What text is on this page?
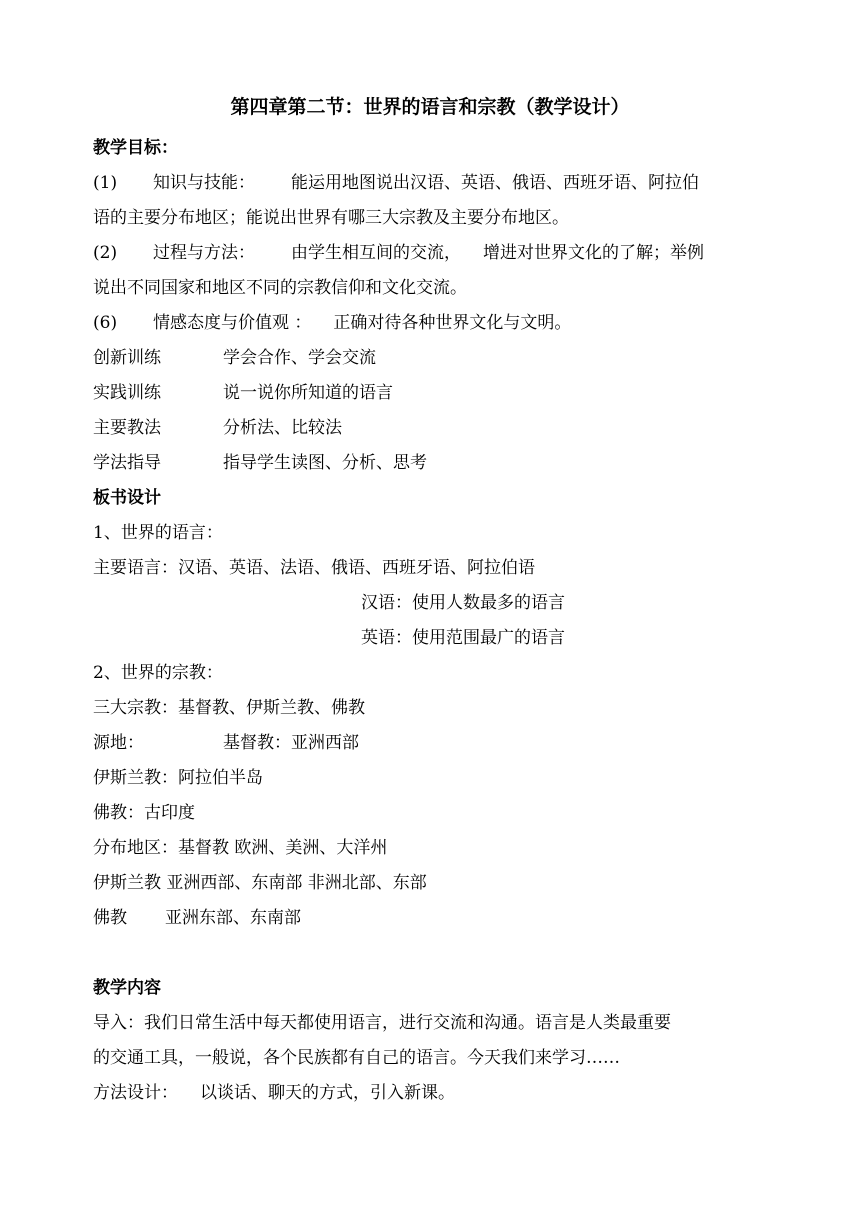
第四章第二节：世界的语言和宗教（教学设计）
教学目标：
(1) 知识与技能： 能运用地图说出汉语、英语、俄语、西班牙语、阿拉伯
语的主要分布地区；能说出世界有哪三大宗教及主要分布地区。
(2) 过程与方法： 由学生相互间的交流， 增进对世界文化的了解；举例
说出不同国家和地区不同的宗教信仰和文化交流。
(6) 情感态度与价值观 ： 正确对待各种世界文化与文明。
创新训练	学会合作、学会交流
实践训练	说一说你所知道的语言
主要教法	分析法、比较法
学法指导	指导学生读图、分析、思考
板书设计
1、世界的语言：
主要语言：汉语、英语、法语、俄语、西班牙语、阿拉伯语
汉语：使用人数最多的语言
英语：使用范围最广的语言
2、世界的宗教：
三大宗教：基督教、伊斯兰教、佛教
源地：	基督教：亚洲西部
伊斯兰教：阿拉伯半岛
佛教：古印度
分布地区：基督教 欧洲、美洲、大洋州
伊斯兰教 亚洲西部、东南部 非洲北部、东部
佛教 亚洲东部、东南部
教学内容
导入：我们日常生活中每天都使用语言，进行交流和沟通。语言是人类最重要
的交通工具，一般说，各个民族都有自己的语言。今天我们来学习……
方法设计： 以谈话、聊天的方式，引入新课。
